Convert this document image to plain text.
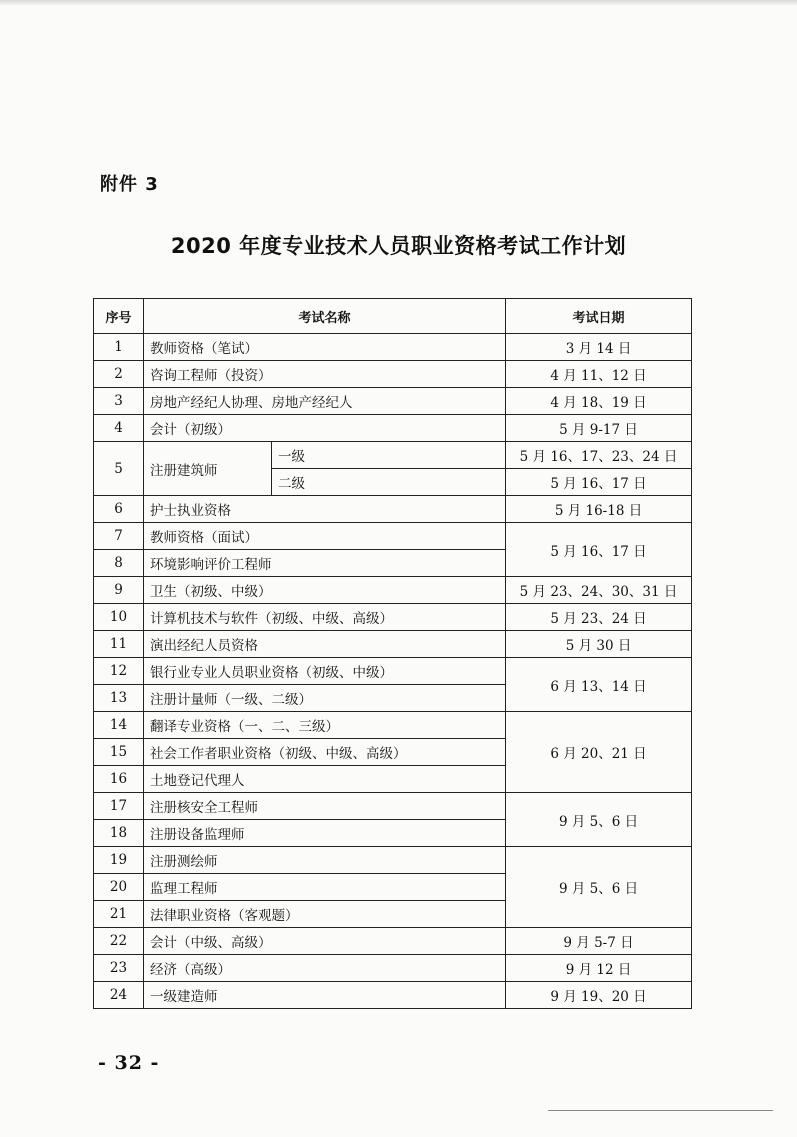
附件 3
2020 年度专业技术人员职业资格考试工作计划
序号	考试名称		考试日期
1	教师资格（笔试）		3 月 14 日
2	咨询工程师（投资）		4 月 11、12 日
3	房地产经纪人协理、房地产经纪人		4 月 18、19 日
4	会计（初级）		5 月 9-17 日
5	注册建筑师	一级	5 月 16、17、23、24 日
		二级	5 月 16、17 日
6	护士执业资格		5 月 16-18 日
7	教师资格（面试）		5 月 16、17 日
8	环境影响评价工程师		
9	卫生（初级、中级）		5 月 23、24、30、31 日
10	计算机技术与软件（初级、中级、高级）		5 月 23、24 日
11	演出经纪人员资格		5 月 30 日
12	银行业专业人员职业资格（初级、中级）		6 月 13、14 日
13	注册计量师（一级、二级）		
14	翻译专业资格（一、二、三级）		6 月 20、21 日
15	社会工作者职业资格（初级、中级、高级）		
16	土地登记代理人		
17	注册核安全工程师		9 月 5、6 日
18	注册设备监理师		
19	注册测绘师		9 月 5、6 日
20	监理工程师		
21	法律职业资格（客观题）		
22	会计（中级、高级）		9 月 5-7 日
23	经济（高级）		9 月 12 日
24	一级建造师		9 月 19、20 日
- 32 -
